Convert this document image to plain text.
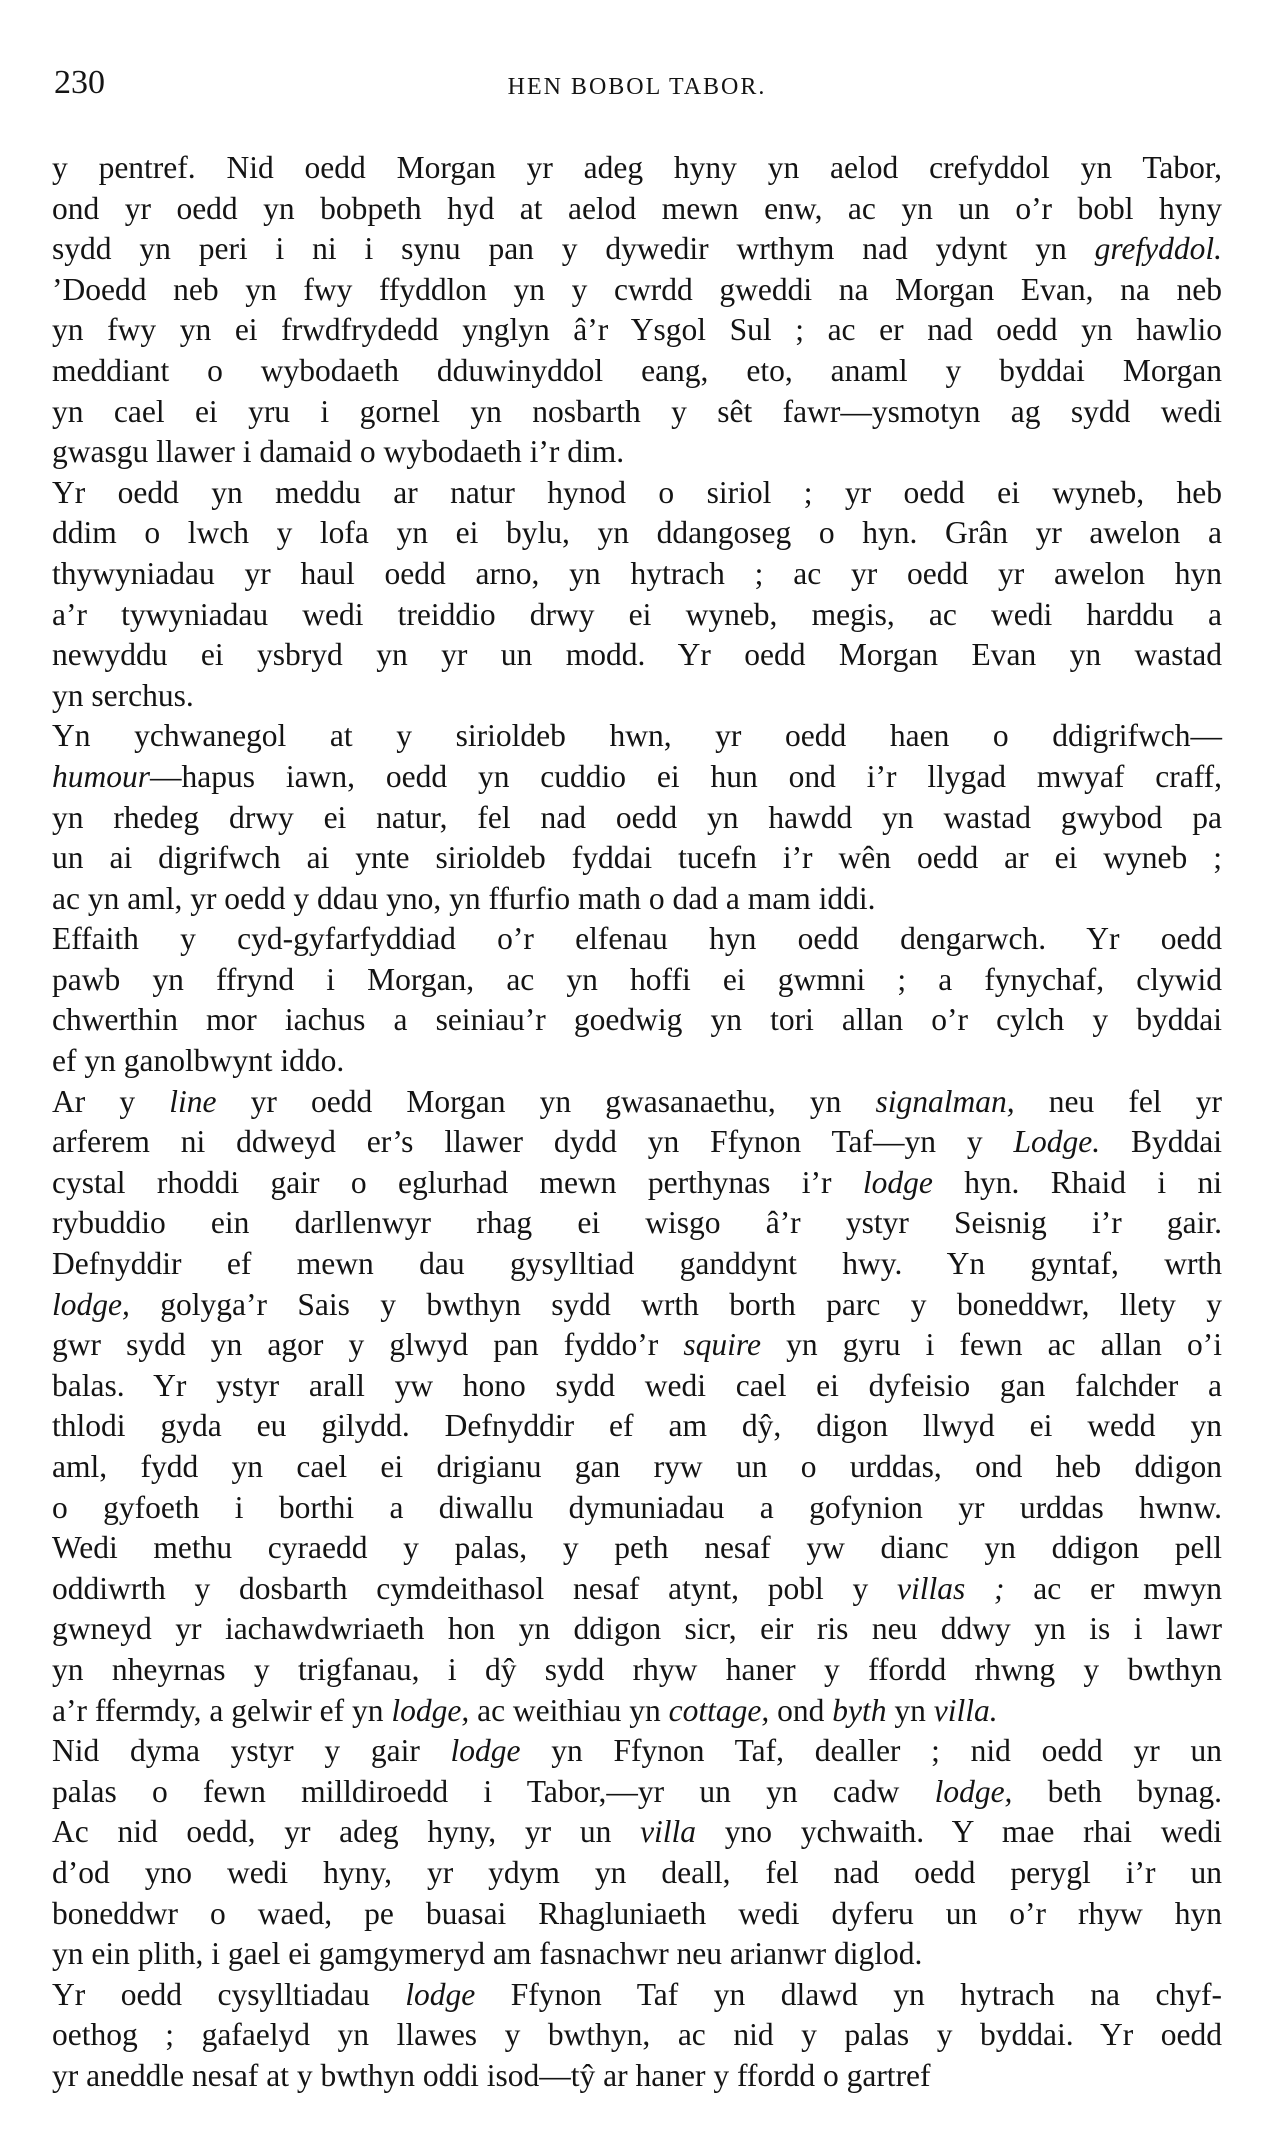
230	HEN BOBOL TABOR.
y pentref. Nid oedd Morgan yr adeg hyny yn aelod crefyddol yn Tabor,
ond yr oedd yn bobpeth hyd at aelod mewn enw, ac yn un o’r bobl hyny
sydd yn peri i ni i synu pan y dywedir wrthym nad ydynt yn grefyddol.
’Doedd neb yn fwy ffyddlon yn y cwrdd gweddi na Morgan Evan, na neb
yn fwy yn ei frwdfrydedd ynglyn â’r Ysgol Sul ; ac er nad oedd yn hawlio
meddiant o wybodaeth dduwinyddol eang, eto, anaml y byddai Morgan
yn cael ei yru i gornel yn nosbarth y sêt fawr—ysmotyn ag sydd wedi
gwasgu llawer i damaid o wybodaeth i’r dim.
Yr oedd yn meddu ar natur hynod o siriol ; yr oedd ei wyneb, heb
ddim o lwch y lofa yn ei bylu, yn ddangoseg o hyn. Grân yr awelon a
thywyniadau yr haul oedd arno, yn hytrach ; ac yr oedd yr awelon hyn
a’r tywyniadau wedi treiddio drwy ei wyneb, megis, ac wedi harddu a
newyddu ei ysbryd yn yr un modd. Yr oedd Morgan Evan yn wastad
yn serchus.
Yn ychwanegol at y sirioldeb hwn, yr oedd haen o ddigrifwch—
humour—hapus iawn, oedd yn cuddio ei hun ond i’r llygad mwyaf craff,
yn rhedeg drwy ei natur, fel nad oedd yn hawdd yn wastad gwybod pa
un ai digrifwch ai ynte sirioldeb fyddai tucefn i’r wên oedd ar ei wyneb ;
ac yn aml, yr oedd y ddau yno, yn ffurfio math o dad a mam iddi.
Effaith y cyd-gyfarfyddiad o’r elfenau hyn oedd dengarwch. Yr oedd
pawb yn ffrynd i Morgan, ac yn hoffi ei gwmni ; a fynychaf, clywid
chwerthin mor iachus a seiniau’r goedwig yn tori allan o’r cylch y byddai
ef yn ganolbwynt iddo.
Ar y line yr oedd Morgan yn gwasanaethu, yn signalman, neu fel yr
arferem ni ddweyd er’s llawer dydd yn Ffynon Taf—yn y Lodge. Byddai
cystal rhoddi gair o eglurhad mewn perthynas i’r lodge hyn. Rhaid i ni
rybuddio ein darllenwyr rhag ei wisgo â’r ystyr Seisnig i’r gair.
Defnyddir ef mewn dau gysylltiad ganddynt hwy. Yn gyntaf, wrth
lodge, golyga’r Sais y bwthyn sydd wrth borth parc y boneddwr, llety y
gwr sydd yn agor y glwyd pan fyddo’r squire yn gyru i fewn ac allan o’i
balas. Yr ystyr arall yw hono sydd wedi cael ei dyfeisio gan falchder a
thlodi gyda eu gilydd. Defnyddir ef am dŷ, digon llwyd ei wedd yn
aml, fydd yn cael ei drigianu gan ryw un o urddas, ond heb ddigon
o gyfoeth i borthi a diwallu dymuniadau a gofynion yr urddas hwnw.
Wedi methu cyraedd y palas, y peth nesaf yw dianc yn ddigon pell
oddiwrth y dosbarth cymdeithasol nesaf atynt, pobl y villas ; ac er mwyn
gwneyd yr iachawdwriaeth hon yn ddigon sicr, eir ris neu ddwy yn is i lawr
yn nheyrnas y trigfanau, i dŷ sydd rhyw haner y ffordd rhwng y bwthyn
a’r ffermdy, a gelwir ef yn lodge, ac weithiau yn cottage, ond byth yn villa.
Nid dyma ystyr y gair lodge yn Ffynon Taf, dealler ; nid oedd yr un
palas o fewn milldiroedd i Tabor,—yr un yn cadw lodge, beth bynag.
Ac nid oedd, yr adeg hyny, yr un villa yno ychwaith. Y mae rhai wedi
d’od yno wedi hyny, yr ydym yn deall, fel nad oedd perygl i’r un
boneddwr o waed, pe buasai Rhagluniaeth wedi dyferu un o’r rhyw hyn
yn ein plith, i gael ei gamgymeryd am fasnachwr neu arianwr diglod.
Yr oedd cysylltiadau lodge Ffynon Taf yn dlawd yn hytrach na chyf-
oethog ; gafaelyd yn llawes y bwthyn, ac nid y palas y byddai. Yr oedd
yr aneddle nesaf at y bwthyn oddi isod—tŷ ar haner y ffordd o gartref
